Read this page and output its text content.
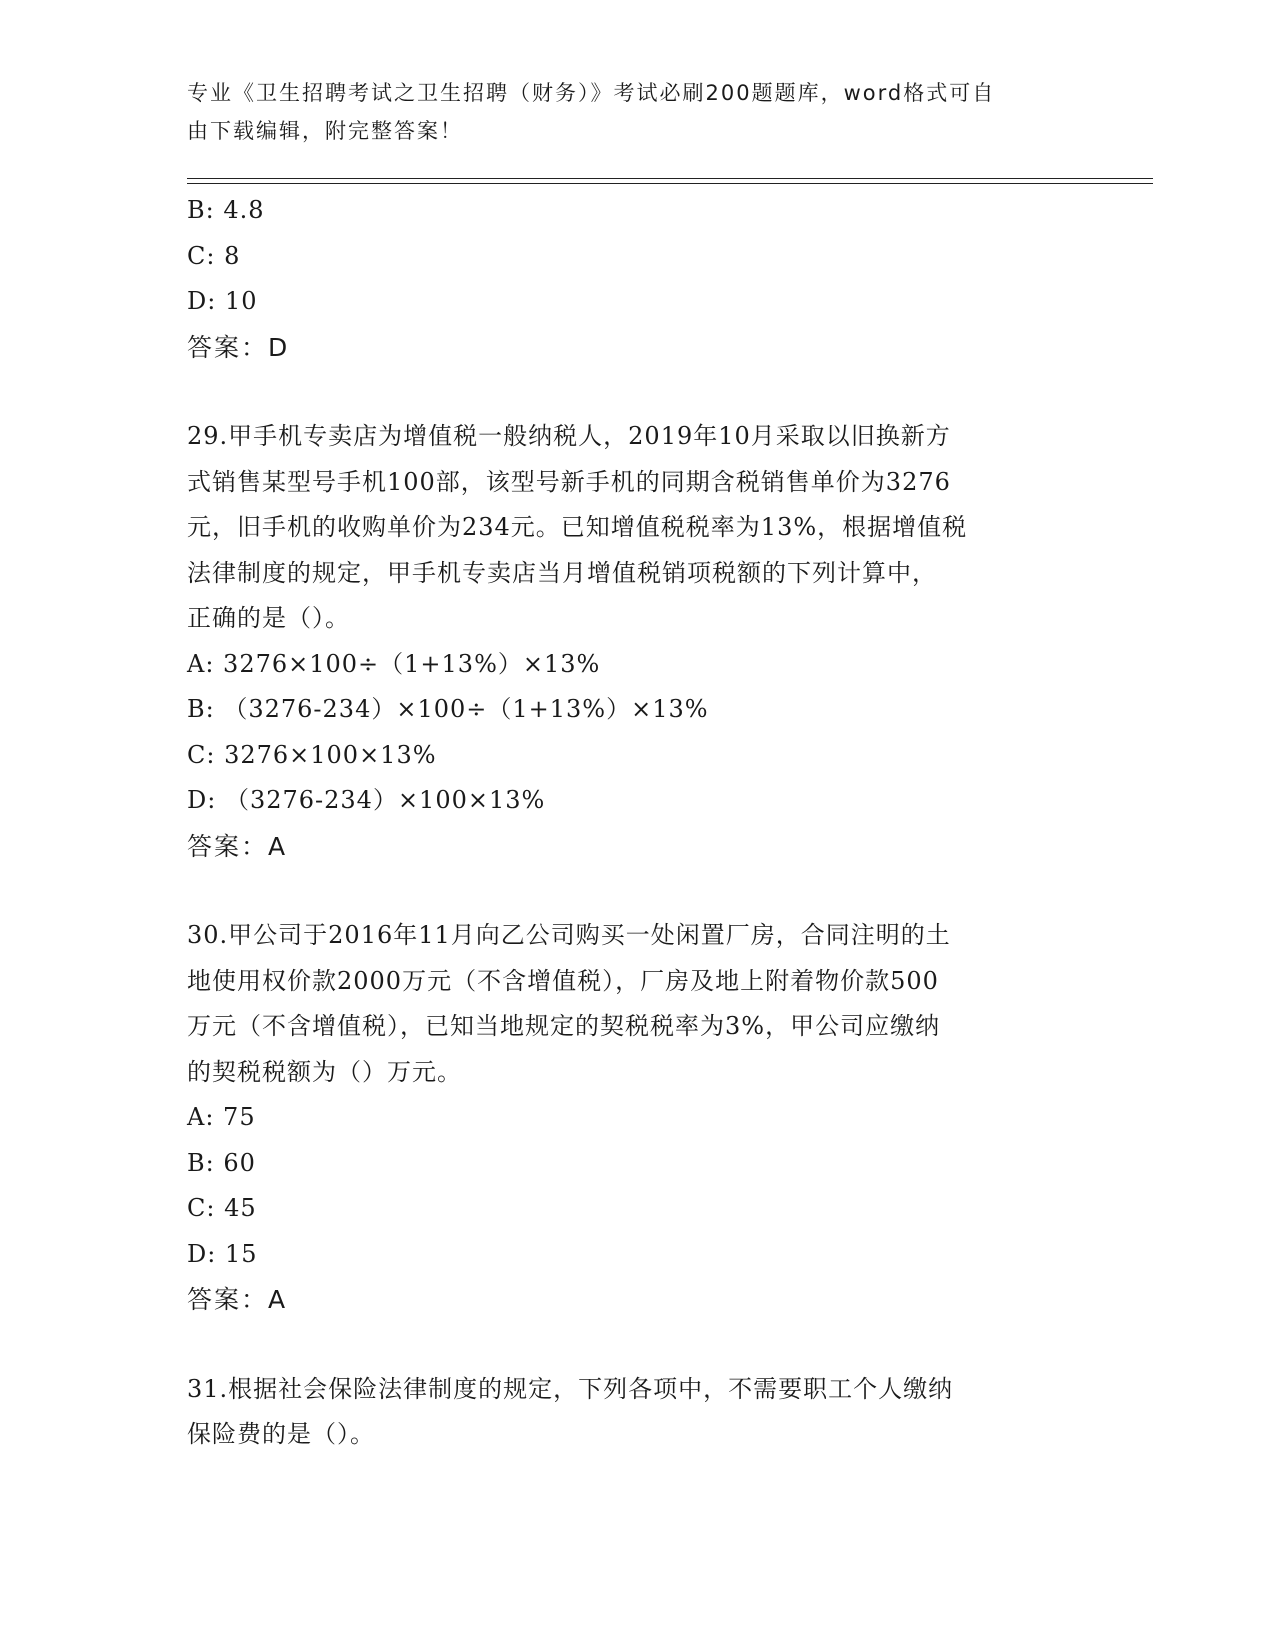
专业《卫生招聘考试之卫生招聘（财务）》考试必刷200题题库，word格式可自
由下载编辑，附完整答案！
B: 4.8
C: 8
D: 10
答案：D
29.甲手机专卖店为增值税一般纳税人，2019年10月采取以旧换新方
式销售某型号手机100部，该型号新手机的同期含税销售单价为3276
元，旧手机的收购单价为234元。已知增值税税率为13%，根据增值税
法律制度的规定，甲手机专卖店当月增值税销项税额的下列计算中，
正确的是（）。
A: 3276×100÷（1+13%）×13%
B: （3276-234）×100÷（1+13%）×13%
C: 3276×100×13%
D: （3276-234）×100×13%
答案：A
30.甲公司于2016年11月向乙公司购买一处闲置厂房，合同注明的土
地使用权价款2000万元（不含增值税），厂房及地上附着物价款500
万元（不含增值税），已知当地规定的契税税率为3%，甲公司应缴纳
的契税税额为（）万元。
A: 75
B: 60
C: 45
D: 15
答案：A
31.根据社会保险法律制度的规定，下列各项中，不需要职工个人缴纳
保险费的是（）。
